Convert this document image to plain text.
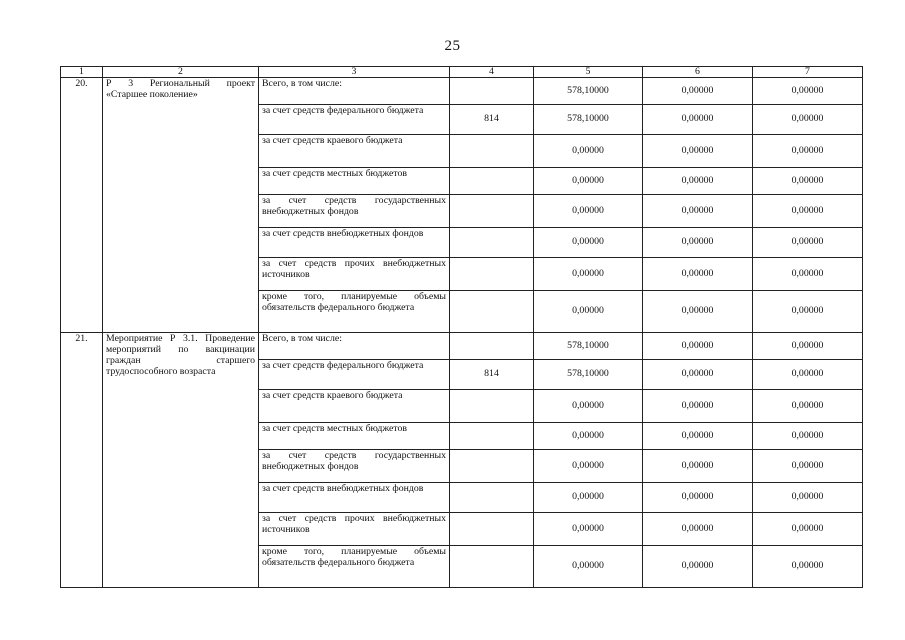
25
1	2	3	4	5	6	7
20.	Р 3 Региональный проект «Старшее поколение»	Всего, в том числе:		578,10000	0,00000	0,00000
		за счет средств федерального бюджета	814	578,10000	0,00000	0,00000
		за счет средств краевого бюджета		0,00000	0,00000	0,00000
		за счет средств местных бюджетов		0,00000	0,00000	0,00000
		за счет средств государственных внебюджетных фондов		0,00000	0,00000	0,00000
		за счет средств внебюджетных фондов		0,00000	0,00000	0,00000
		за счет средств прочих внебюджетных источников		0,00000	0,00000	0,00000
		кроме того, планируемые объемы обязательств федерального бюджета		0,00000	0,00000	0,00000
21.	Мероприятие Р 3.1. Проведение мероприятий по вакцинации граждан старшего трудоспособного возраста	Всего, в том числе:		578,10000	0,00000	0,00000
		за счет средств федерального бюджета	814	578,10000	0,00000	0,00000
		за счет средств краевого бюджета		0,00000	0,00000	0,00000
		за счет средств местных бюджетов		0,00000	0,00000	0,00000
		за счет средств государственных внебюджетных фондов		0,00000	0,00000	0,00000
		за счет средств внебюджетных фондов		0,00000	0,00000	0,00000
		за счет средств прочих внебюджетных источников		0,00000	0,00000	0,00000
		кроме того, планируемые объемы обязательств федерального бюджета		0,00000	0,00000	0,00000
